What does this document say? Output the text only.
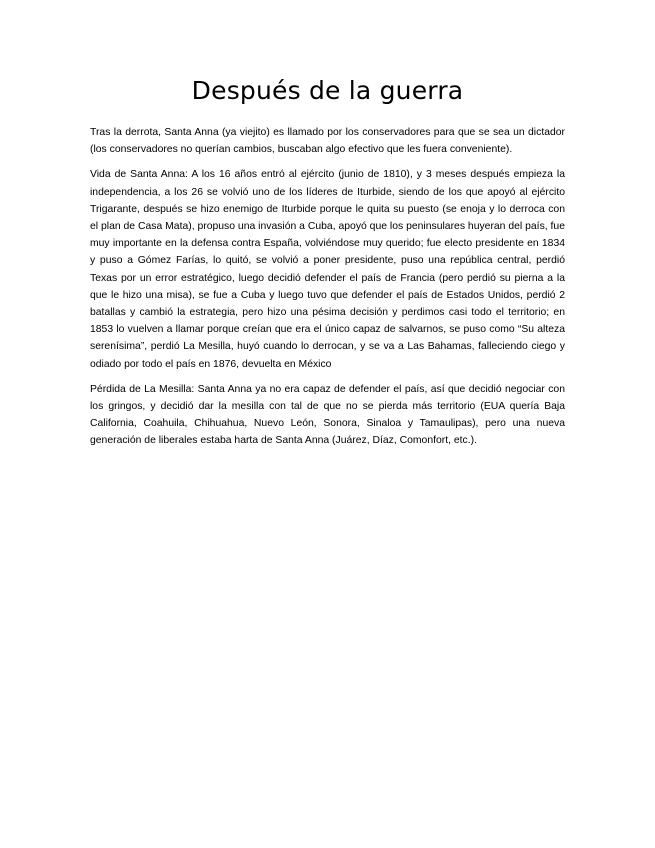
Después de la guerra

Tras la derrota, Santa Anna (ya viejito) es llamado por los conservadores para que se sea un dictador (los conservadores no querían cambios, buscaban algo efectivo que les fuera conveniente).

Vida de Santa Anna: A los 16 años entró al ejército (junio de 1810), y 3 meses después empieza la independencia, a los 26 se volvió uno de los líderes de Iturbide, siendo de los que apoyó al ejército Trigarante, después se hizo enemigo de Iturbide porque le quita su puesto (se enoja y lo derroca con el plan de Casa Mata), propuso una invasión a Cuba, apoyó que los peninsulares huyeran del país, fue muy importante en la defensa contra España, volviéndose muy querido; fue electo presidente en 1834 y puso a Gómez Farías, lo quitó, se volvió a poner presidente, puso una república central, perdió Texas por un error estratégico, luego decidió defender el país de Francia (pero perdió su pierna a la que le hizo una misa), se fue a Cuba y luego tuvo que defender el país de Estados Unidos, perdió 2 batallas y cambió la estrategia, pero hizo una pésima decisión y perdimos casi todo el territorio; en 1853 lo vuelven a llamar porque creían que era el único capaz de salvarnos, se puso como “Su alteza serenísima”, perdió La Mesilla, huyó cuando lo derrocan, y se va a Las Bahamas, falleciendo ciego y odiado por todo el país en 1876, devuelta en México

Pérdida de La Mesilla: Santa Anna ya no era capaz de defender el país, así que decidió negociar con los gringos, y decidió dar la mesilla con tal de que no se pierda más territorio (EUA quería Baja California, Coahuila, Chihuahua, Nuevo León, Sonora, Sinaloa y Tamaulipas), pero una nueva generación de liberales estaba harta de Santa Anna (Juárez, Díaz, Comonfort, etc.).
